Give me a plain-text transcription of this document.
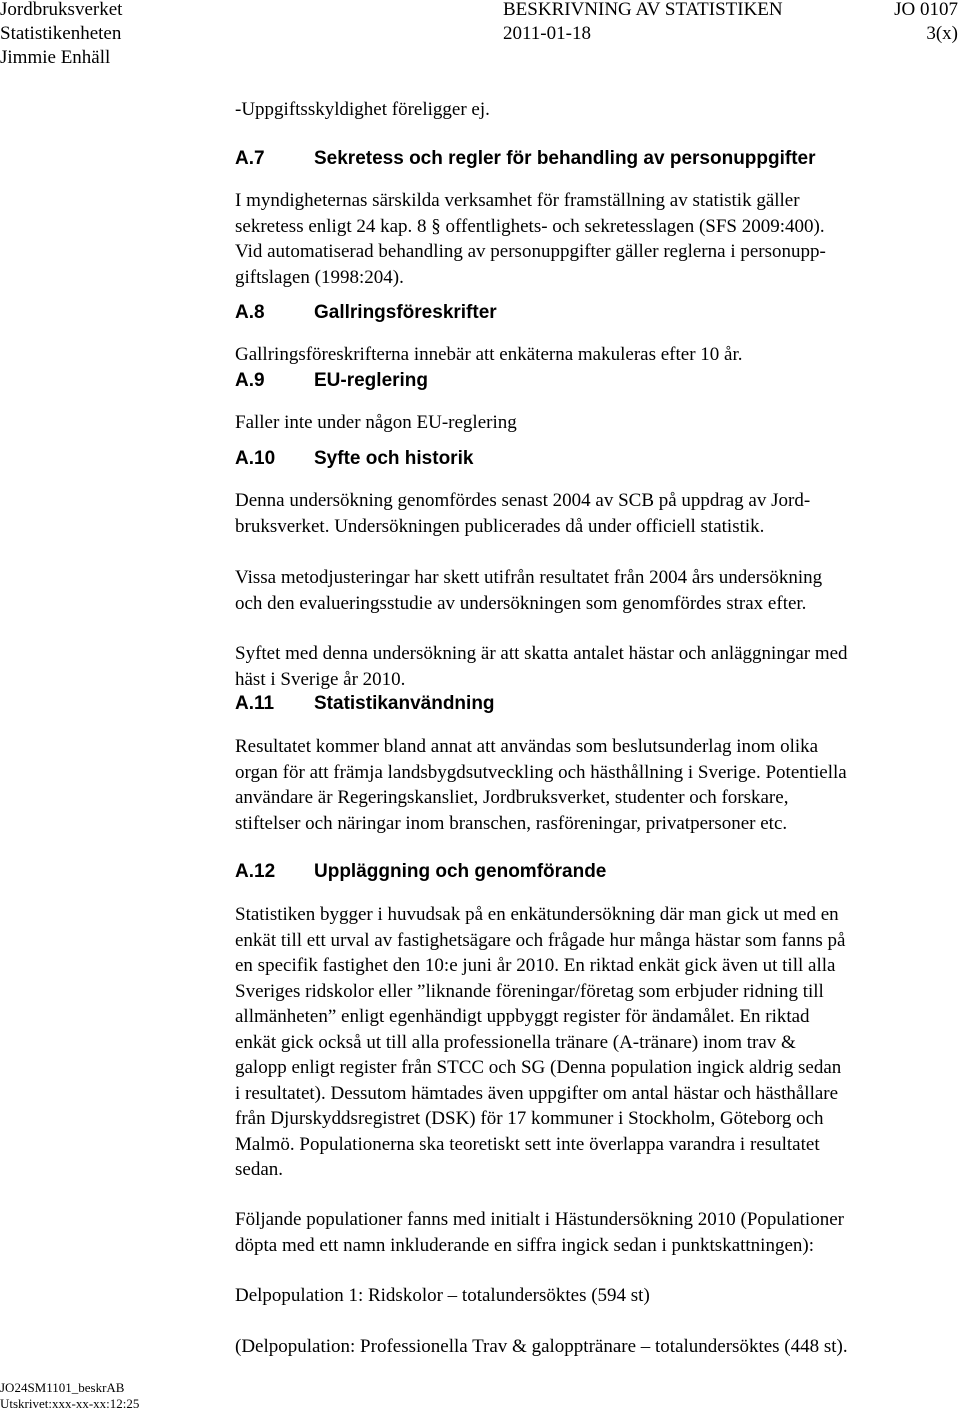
Jordbruksverket	BESKRIVNING AV STATISTIKEN	JO 0107
Statistikenheten	2011-01-18	3(x)
Jimmie Enhäll

-Uppgiftsskyldighet föreligger ej.

A.7	Sekretess och regler för behandling av personuppgifter

I myndigheternas särskilda verksamhet för framställning av statistik gäller
sekretess enligt 24 kap. 8 § offentlighets- och sekretesslagen (SFS 2009:400).
Vid automatiserad behandling av personuppgifter gäller reglerna i personupp-
giftslagen (1998:204).

A.8	Gallringsföreskrifter

Gallringsföreskrifterna innebär att enkäterna makuleras efter 10 år.

A.9	EU-reglering

Faller inte under någon EU-reglering

A.10 Syfte och historik

Denna undersökning genomfördes senast 2004 av SCB på uppdrag av Jord-
bruksverket. Undersökningen publicerades då under officiell statistik.

Vissa metodjusteringar har skett utifrån resultatet från 2004 års undersökning
och den evalueringsstudie av undersökningen som genomfördes strax efter.

Syftet med denna undersökning är att skatta antalet hästar och anläggningar med
häst i Sverige år 2010.

A.11 Statistikanvändning

Resultatet kommer bland annat att användas som beslutsunderlag inom olika
organ för att främja landsbygdsutveckling och hästhållning i Sverige. Potentiella
användare är Regeringskansliet, Jordbruksverket, studenter och forskare,
stiftelser och näringar inom branschen, rasföreningar, privatpersoner etc.

A.12 Uppläggning och genomförande

Statistiken bygger i huvudsak på en enkätundersökning där man gick ut med en
enkät till ett urval av fastighetsägare och frågade hur många hästar som fanns på
en specifik fastighet den 10:e juni år 2010. En riktad enkät gick även ut till alla
Sveriges ridskolor eller ”liknande föreningar/företag som erbjuder ridning till
allmänheten” enligt egenhändigt uppbyggt register för ändamålet. En riktad
enkät gick också ut till alla professionella tränare (A-tränare) inom trav &
galopp enligt register från STCC och SG (Denna population ingick aldrig sedan
i resultatet). Dessutom hämtades även uppgifter om antal hästar och hästhållare
från Djurskyddsregistret (DSK) för 17 kommuner i Stockholm, Göteborg och
Malmö. Populationerna ska teoretiskt sett inte överlappa varandra i resultatet
sedan.

Följande populationer fanns med initialt i Hästundersökning 2010 (Populationer
döpta med ett namn inkluderande en siffra ingick sedan i punktskattningen):

Delpopulation 1: Ridskolor – totalundersöktes (594 st)

(Delpopulation: Professionella Trav & galopptränare – totalundersöktes (448 st).

JO24SM1101_beskrAB
Utskrivet:xxx-xx-xx:12:25
